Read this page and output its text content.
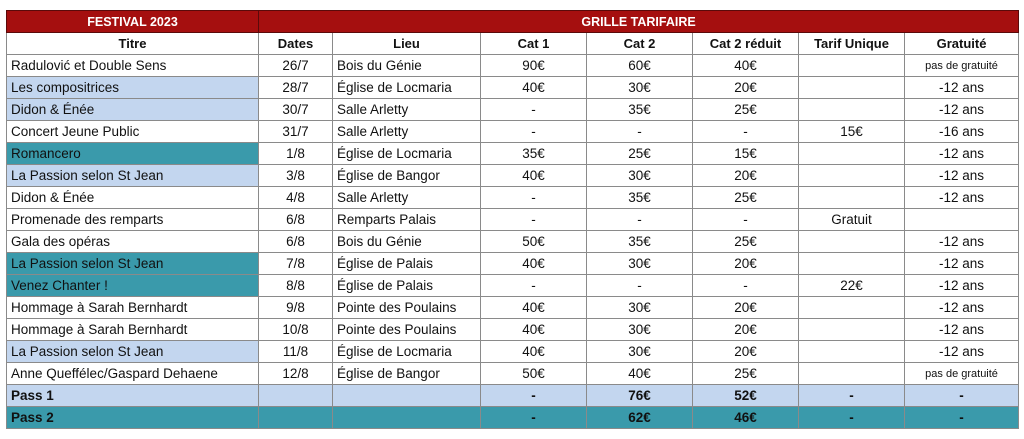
FESTIVAL 2023	GRILLE TARIFAIRE						
Titre	Dates	Lieu	Cat 1	Cat 2	Cat 2 réduit	Tarif Unique	Gratuité
Radulović et Double Sens	26/7	Bois du Génie	90€	60€	40€		pas de gratuité
Les compositrices	28/7	Église de Locmaria	40€	30€	20€		-12 ans
Didon & Énée	30/7	Salle Arletty	-	35€	25€		-12 ans
Concert Jeune Public	31/7	Salle Arletty	-	-	-	15€	-16 ans
Romancero	1/8	Église de Locmaria	35€	25€	15€		-12 ans
La Passion selon St Jean	3/8	Église de Bangor	40€	30€	20€		-12 ans
Didon & Énée	4/8	Salle Arletty	-	35€	25€		-12 ans
Promenade des remparts	6/8	Remparts Palais	-	-	-	Gratuit	
Gala des opéras	6/8	Bois du Génie	50€	35€	25€		-12 ans
La Passion selon St Jean	7/8	Église de Palais	40€	30€	20€		-12 ans
Venez Chanter !	8/8	Église de Palais	-	-	-	22€	-12 ans
Hommage à Sarah Bernhardt	9/8	Pointe des Poulains	40€	30€	20€		-12 ans
Hommage à Sarah Bernhardt	10/8	Pointe des Poulains	40€	30€	20€		-12 ans
La Passion selon St Jean	11/8	Église de Locmaria	40€	30€	20€		-12 ans
Anne Queffélec/Gaspard Dehaene	12/8	Église de Bangor	50€	40€	25€		pas de gratuité
Pass 1			-	76€	52€	-	-
Pass 2			-	62€	46€	-	-
